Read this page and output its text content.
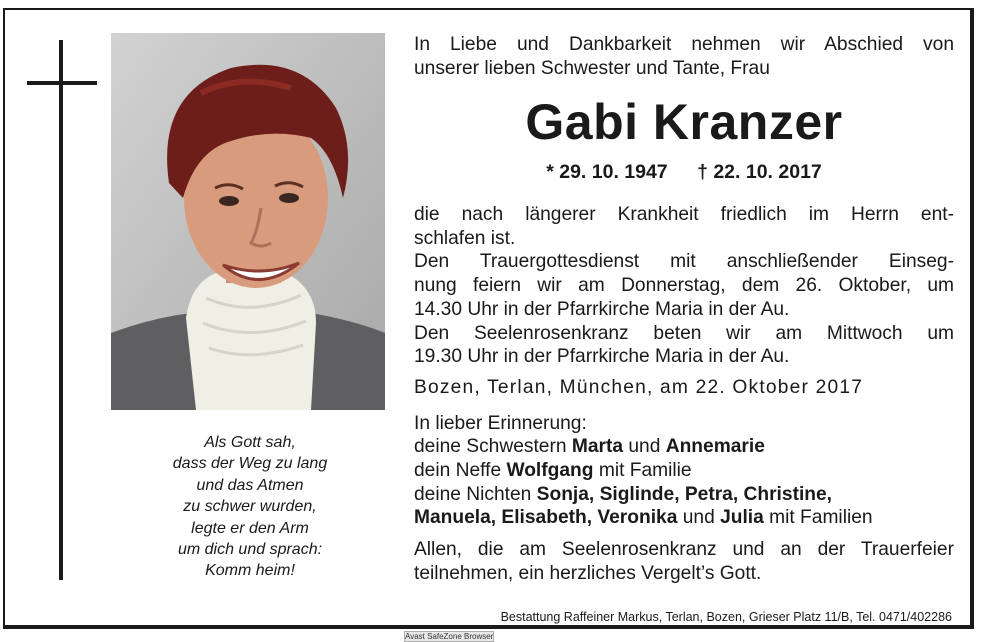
Als Gott sah,
dass der Weg zu lang
und das Atmen
zu schwer wurden,
legte er den Arm
um dich und sprach:
Komm heim!

In Liebe und Dankbarkeit nehmen wir Abschied von
unserer lieben Schwester und Tante, Frau

Gabi Kranzer
* 29. 10. 1947 † 22. 10. 2017

die nach längerer Krankheit friedlich im Herrn ent-
schlafen ist.

Den Trauergottesdienst mit anschließender Einseg-
nung feiern wir am Donnerstag, dem 26. Oktober, um
14.30 Uhr in der Pfarrkirche Maria in der Au.

Den Seelenrosenkranz beten wir am Mittwoch um
19.30 Uhr in der Pfarrkirche Maria in der Au.

Bozen, Terlan, München, am 22. Oktober 2017

In lieber Erinnerung:

deine Schwestern Marta und Annemarie
dein Neffe Wolfgang mit Familie
deine Nichten Sonja, Siglinde, Petra, Christine,
Manuela, Elisabeth, Veronika und Julia mit Familien

Allen, die am Seelenrosenkranz und an der Trauerfeier
teilnehmen, ein herzliches Vergelt’s Gott.

Bestattung Raffeiner Markus, Terlan, Bozen, Grieser Platz 11/B, Tel. 0471/402286
Avast SafeZone Browser
